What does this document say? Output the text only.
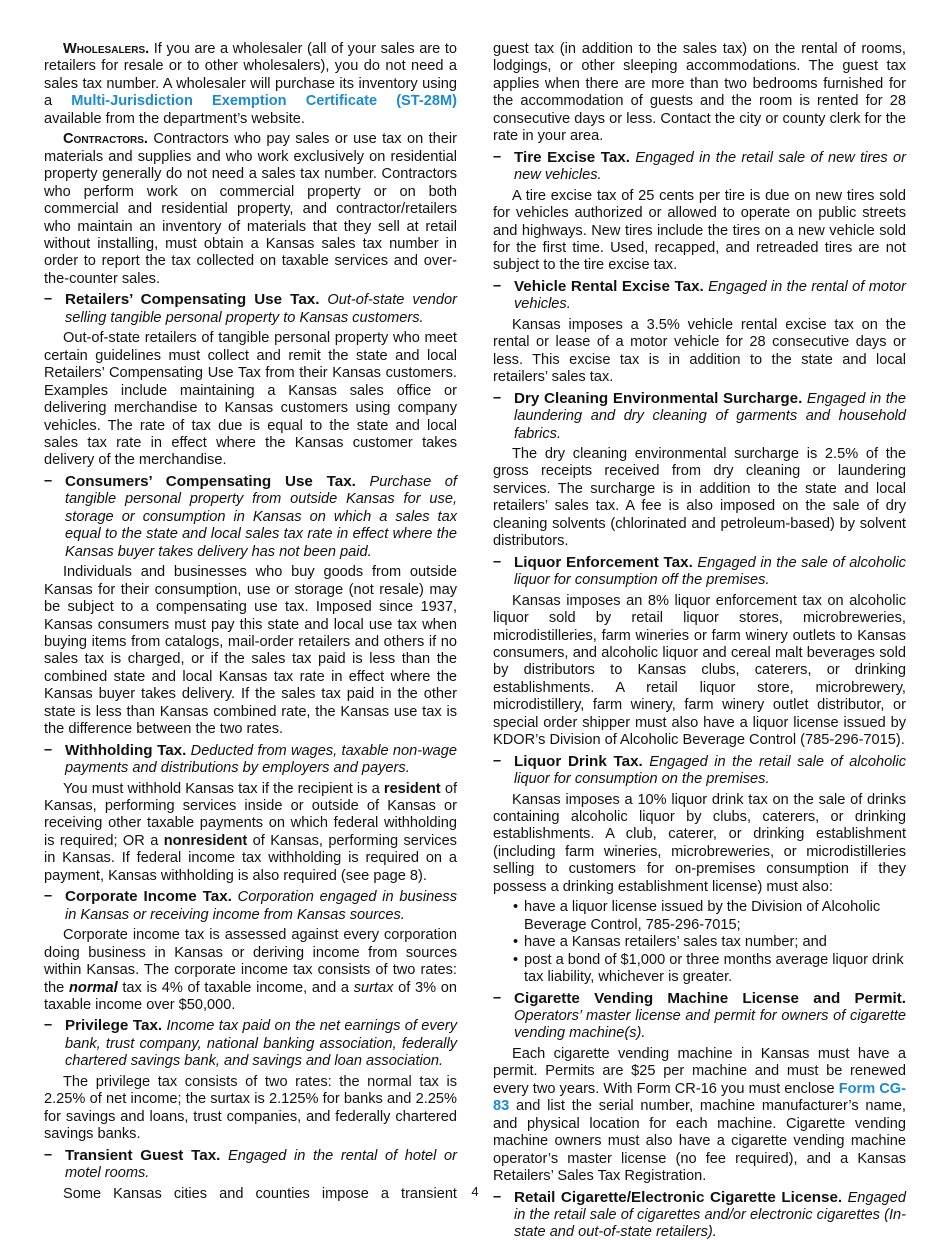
Wholesalers. If you are a wholesaler (all of your sales are to retailers for resale or to other wholesalers), you do not need a sales tax number. A wholesaler will purchase its inventory using a Multi-Jurisdiction Exemption Certificate (ST-28M) available from the department’s website.

Contractors. Contractors who pay sales or use tax on their materials and supplies and who work exclusively on residential property generally do not need a sales tax number. Contractors who perform work on commercial property or on both commercial and residential property, and contractor/retailers who maintain an inventory of materials that they sell at retail without installing, must obtain a Kansas sales tax number in order to report the tax collected on taxable services and over-the-counter sales.

– Retailers’ Compensating Use Tax. Out-of-state vendor selling tangible personal property to Kansas customers.

Out-of-state retailers of tangible personal property who meet certain guidelines must collect and remit the state and local Retailers’ Compensating Use Tax from their Kansas customers. Examples include maintaining a Kansas sales office or delivering merchandise to Kansas customers using company vehicles. The rate of tax due is equal to the state and local sales tax rate in effect where the Kansas customer takes delivery of the merchandise.

– Consumers’ Compensating Use Tax. Purchase of tangible personal property from outside Kansas for use, storage or consumption in Kansas on which a sales tax equal to the state and local sales tax rate in effect where the Kansas buyer takes delivery has not been paid.

Individuals and businesses who buy goods from outside Kansas for their consumption, use or storage (not resale) may be subject to a compensating use tax. Imposed since 1937, Kansas consumers must pay this state and local use tax when buying items from catalogs, mail-order retailers and others if no sales tax is charged, or if the sales tax paid is less than the combined state and local Kansas tax rate in effect where the Kansas buyer takes delivery. If the sales tax paid in the other state is less than Kansas combined rate, the Kansas use tax is the difference between the two rates.

– Withholding Tax. Deducted from wages, taxable non-wage payments and distributions by employers and payers.

You must withhold Kansas tax if the recipient is a resident of Kansas, performing services inside or outside of Kansas or receiving other taxable payments on which federal withholding is required; OR a nonresident of Kansas, performing services in Kansas. If federal income tax withholding is required on a payment, Kansas withholding is also required (see page 8).

– Corporate Income Tax. Corporation engaged in business in Kansas or receiving income from Kansas sources.

Corporate income tax is assessed against every corporation doing business in Kansas or deriving income from sources within Kansas. The corporate income tax consists of two rates: the normal tax is 4% of taxable income, and a surtax of 3% on taxable income over $50,000.

– Privilege Tax. Income tax paid on the net earnings of every bank, trust company, national banking association, federally chartered savings bank, and savings and loan association.

The privilege tax consists of two rates: the normal tax is 2.25% of net income; the surtax is 2.125% for banks and 2.25% for savings and loans, trust companies, and federally chartered savings banks.

– Transient Guest Tax. Engaged in the rental of hotel or motel rooms.

Some Kansas cities and counties impose a transient

guest tax (in addition to the sales tax) on the rental of rooms, lodgings, or other sleeping accommodations. The guest tax applies when there are more than two bedrooms furnished for the accommodation of guests and the room is rented for 28 consecutive days or less. Contact the city or county clerk for the rate in your area.

– Tire Excise Tax. Engaged in the retail sale of new tires or new vehicles.

A tire excise tax of 25 cents per tire is due on new tires sold for vehicles authorized or allowed to operate on public streets and highways. New tires include the tires on a new vehicle sold for the first time. Used, recapped, and retreaded tires are not subject to the tire excise tax.

– Vehicle Rental Excise Tax. Engaged in the rental of motor vehicles.

Kansas imposes a 3.5% vehicle rental excise tax on the rental or lease of a motor vehicle for 28 consecutive days or less. This excise tax is in addition to the state and local retailers’ sales tax.

– Dry Cleaning Environmental Surcharge. Engaged in the laundering and dry cleaning of garments and household fabrics.

The dry cleaning environmental surcharge is 2.5% of the gross receipts received from dry cleaning or laundering services. The surcharge is in addition to the state and local retailers’ sales tax. A fee is also imposed on the sale of dry cleaning solvents (chlorinated and petroleum-based) by solvent distributors.

– Liquor Enforcement Tax. Engaged in the sale of alcoholic liquor for consumption off the premises.

Kansas imposes an 8% liquor enforcement tax on alcoholic liquor sold by retail liquor stores, microbreweries, microdistilleries, farm wineries or farm winery outlets to Kansas consumers, and alcoholic liquor and cereal malt beverages sold by distributors to Kansas clubs, caterers, or drinking establishments. A retail liquor store, microbrewery, microdistillery, farm winery, farm winery outlet distributor, or special order shipper must also have a liquor license issued by KDOR’s Division of Alcoholic Beverage Control (785-296-7015).

– Liquor Drink Tax. Engaged in the retail sale of alcoholic liquor for consumption on the premises.

Kansas imposes a 10% liquor drink tax on the sale of drinks containing alcoholic liquor by clubs, caterers, or drinking establishments. A club, caterer, or drinking establishment (including farm wineries, microbreweries, or microdistilleries selling to customers for on-premises consumption if they possess a drinking establishment license) must also:

• have a liquor license issued by the Division of Alcoholic Beverage Control, 785-296-7015;
• have a Kansas retailers’ sales tax number; and
• post a bond of $1,000 or three months average liquor drink tax liability, whichever is greater.
– Cigarette Vending Machine License and Permit. Operators’ master license and permit for owners of cigarette vending machine(s).

Each cigarette vending machine in Kansas must have a permit. Permits are $25 per machine and must be renewed every two years. With Form CR-16 you must enclose Form CG-83 and list the serial number, machine manufacturer’s name, and physical location for each machine. Cigarette vending machine owners must also have a cigarette vending machine operator’s master license (no fee required), and a Kansas Retailers’ Sales Tax Registration.

– Retail Cigarette/Electronic Cigarette License. Engaged in the retail sale of cigarettes and/or electronic cigarettes (In-state and out-of-state retailers).
4
